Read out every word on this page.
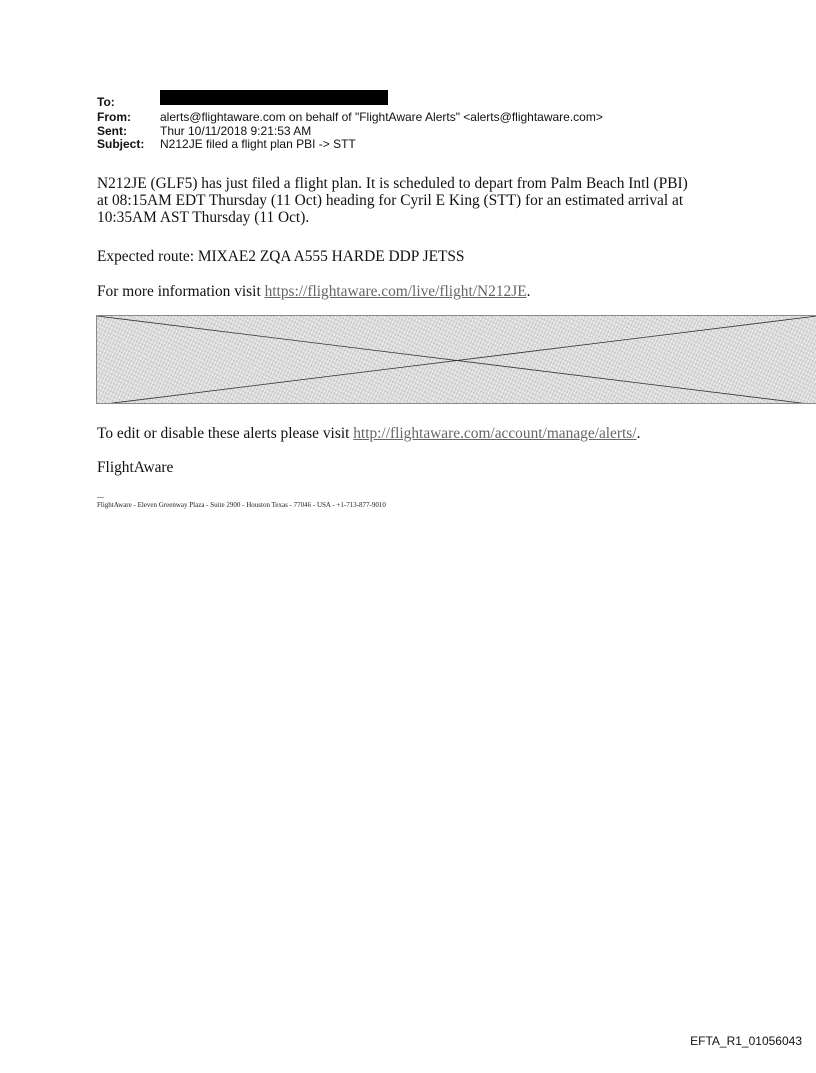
To:
From:	alerts@flightaware.com on behalf of "FlightAware Alerts" <alerts@flightaware.com>
Sent:	Thur 10/11/2018 9:21:53 AM
Subject:	N212JE filed a flight plan PBI -> STT
N212JE (GLF5) has just filed a flight plan. It is scheduled to depart from Palm Beach Intl (PBI)
at 08:15AM EDT Thursday (11 Oct) heading for Cyril E King (STT) for an estimated arrival at
10:35AM AST Thursday (11 Oct).
Expected route: MIXAE2 ZQA A555 HARDE DDP JETSS
For more information visit https://flightaware.com/live/flight/N212JE.
To edit or disable these alerts please visit http://flightaware.com/account/manage/alerts/.
FlightAware
---
FlightAware - Eleven Greenway Plaza - Suite 2900 - Houston Texas - 77046 - USA - +1-713-877-9010
EFTA_R1_01056043
